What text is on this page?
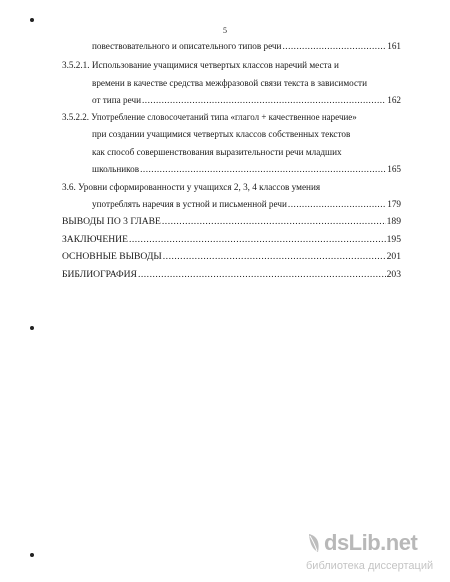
5
повествовательного и описательного типов речи .....	161
3.5.2.1. Использование учащимися четвертых классов наречий места и
времени в качестве средства межфразовой связи текста в зависимости
от типа речи .....	162
3.5.2.2. Употребление словосочетаний типа «глагол + качественное наречие»
при создании учащимися четвертых классов собственных текстов
как способ совершенствования выразительности речи младших
школьников .....	165
3.6. Уровни сформированности у учащихся 2, 3, 4 классов умения
употреблять наречия в устной и письменной речи .....	179
ВЫВОДЫ ПО 3 ГЛАВЕ .....	189
ЗАКЛЮЧЕНИЕ .....	195
ОСНОВНЫЕ ВЫВОДЫ .....	201
БИБЛИОГРАФИЯ .....	203
dsLib.net
библиотека диссертаций
